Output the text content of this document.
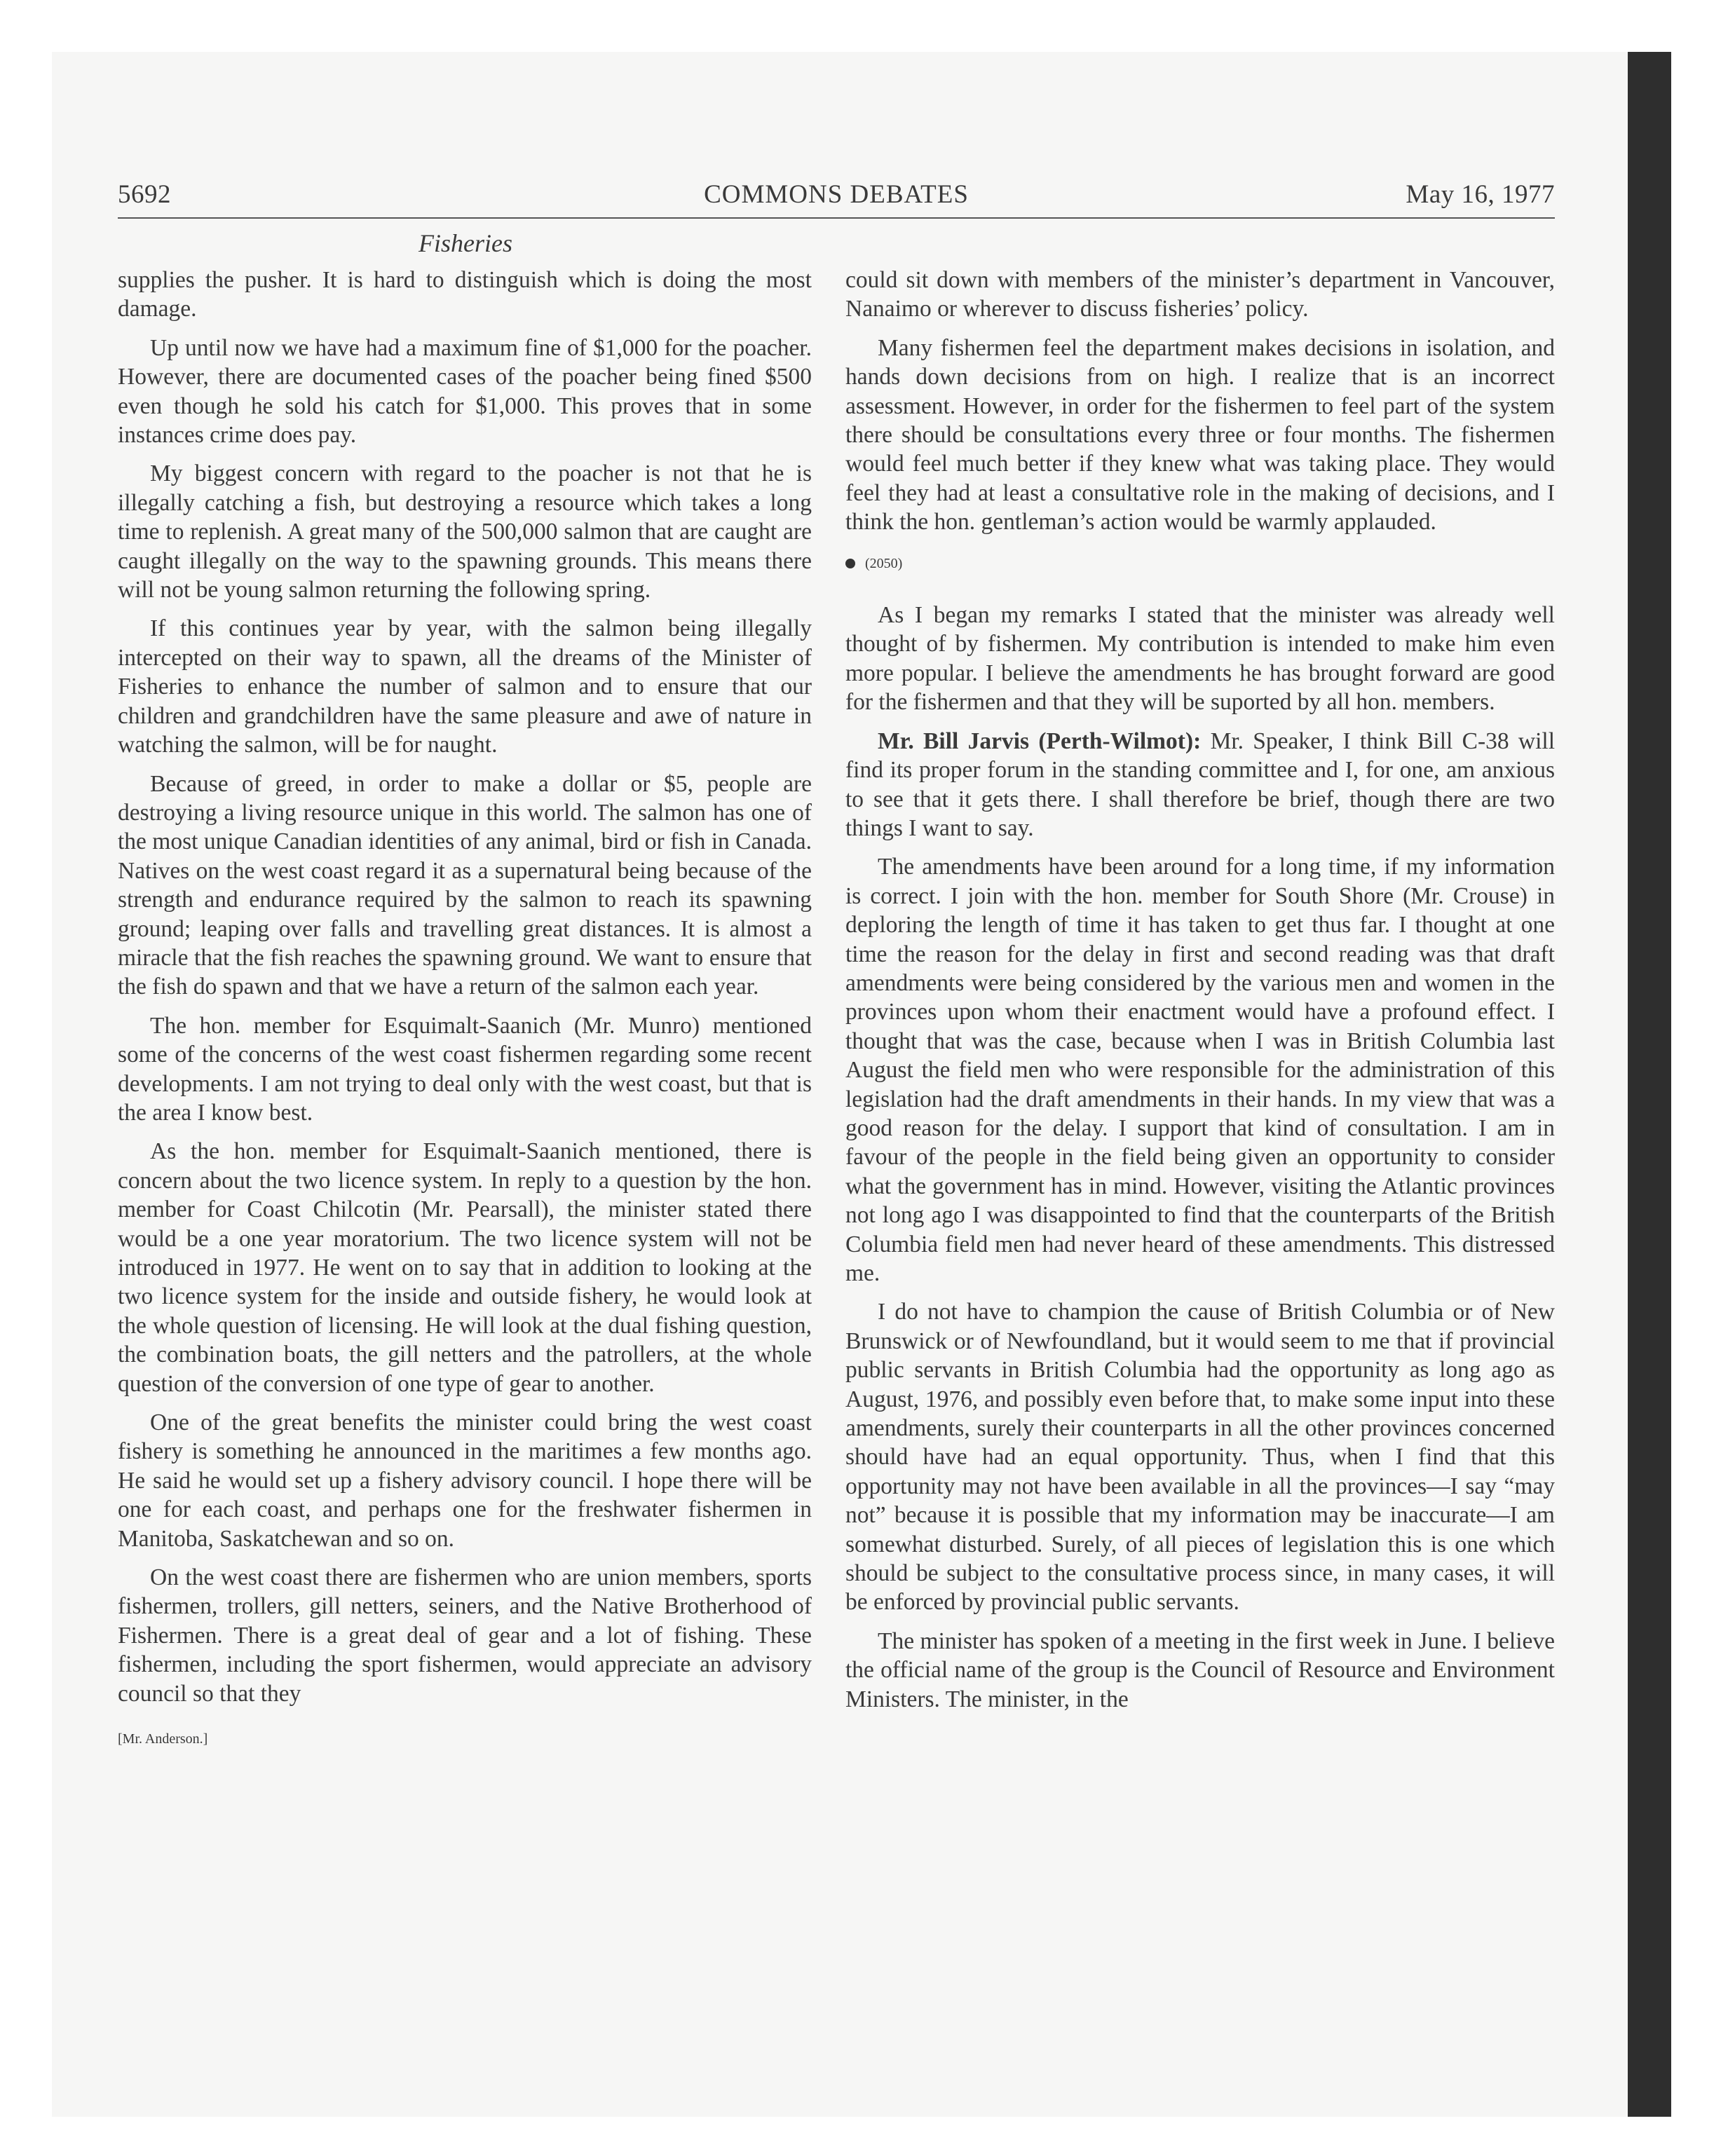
5692	COMMONS DEBATES	May 16, 1977
Fisheries

supplies the pusher. It is hard to distinguish which is doing the most damage.

Up until now we have had a maximum fine of $1,000 for the poacher. However, there are documented cases of the poacher being fined $500 even though he sold his catch for $1,000. This proves that in some instances crime does pay.

My biggest concern with regard to the poacher is not that he is illegally catching a fish, but destroying a resource which takes a long time to replenish. A great many of the 500,000 salmon that are caught are caught illegally on the way to the spawning grounds. This means there will not be young salmon returning the following spring.

If this continues year by year, with the salmon being illegally intercepted on their way to spawn, all the dreams of the Minister of Fisheries to enhance the number of salmon and to ensure that our children and grandchildren have the same pleasure and awe of nature in watching the salmon, will be for naught.

Because of greed, in order to make a dollar or $5, people are destroying a living resource unique in this world. The salmon has one of the most unique Canadian identities of any animal, bird or fish in Canada. Natives on the west coast regard it as a supernatural being because of the strength and endurance required by the salmon to reach its spawning ground; leaping over falls and travelling great distances. It is almost a miracle that the fish reaches the spawning ground. We want to ensure that the fish do spawn and that we have a return of the salmon each year.

The hon. member for Esquimalt-Saanich (Mr. Munro) mentioned some of the concerns of the west coast fishermen regarding some recent developments. I am not trying to deal only with the west coast, but that is the area I know best.

As the hon. member for Esquimalt-Saanich mentioned, there is concern about the two licence system. In reply to a question by the hon. member for Coast Chilcotin (Mr. Pearsall), the minister stated there would be a one year moratorium. The two licence system will not be introduced in 1977. He went on to say that in addition to looking at the two licence system for the inside and outside fishery, he would look at the whole question of licensing. He will look at the dual fishing question, the combination boats, the gill netters and the patrollers, at the whole question of the conversion of one type of gear to another.

One of the great benefits the minister could bring the west coast fishery is something he announced in the maritimes a few months ago. He said he would set up a fishery advisory council. I hope there will be one for each coast, and perhaps one for the freshwater fishermen in Manitoba, Saskatchewan and so on.

On the west coast there are fishermen who are union members, sports fishermen, trollers, gill netters, seiners, and the Native Brotherhood of Fishermen. There is a great deal of gear and a lot of fishing. These fishermen, including the sport fishermen, would appreciate an advisory council so that they

[Mr. Anderson.]

could sit down with members of the minister’s department in Vancouver, Nanaimo or wherever to discuss fisheries’ policy.

Many fishermen feel the department makes decisions in isolation, and hands down decisions from on high. I realize that is an incorrect assessment. However, in order for the fishermen to feel part of the system there should be consultations every three or four months. The fishermen would feel much better if they knew what was taking place. They would feel they had at least a consultative role in the making of decisions, and I think the hon. gentleman’s action would be warmly applauded.

(2050)

As I began my remarks I stated that the minister was already well thought of by fishermen. My contribution is intended to make him even more popular. I believe the amendments he has brought forward are good for the fishermen and that they will be suported by all hon. members.

Mr. Bill Jarvis (Perth-Wilmot): Mr. Speaker, I think Bill C-38 will find its proper forum in the standing committee and I, for one, am anxious to see that it gets there. I shall therefore be brief, though there are two things I want to say.

The amendments have been around for a long time, if my information is correct. I join with the hon. member for South Shore (Mr. Crouse) in deploring the length of time it has taken to get thus far. I thought at one time the reason for the delay in first and second reading was that draft amendments were being considered by the various men and women in the provinces upon whom their enactment would have a profound effect. I thought that was the case, because when I was in British Columbia last August the field men who were responsible for the administration of this legislation had the draft amendments in their hands. In my view that was a good reason for the delay. I support that kind of consultation. I am in favour of the people in the field being given an opportunity to consider what the government has in mind. However, visiting the Atlantic provinces not long ago I was disappointed to find that the counterparts of the British Columbia field men had never heard of these amendments. This distressed me.

I do not have to champion the cause of British Columbia or of New Brunswick or of Newfoundland, but it would seem to me that if provincial public servants in British Columbia had the opportunity as long ago as August, 1976, and possibly even before that, to make some input into these amendments, surely their counterparts in all the other provinces concerned should have had an equal opportunity. Thus, when I find that this opportunity may not have been available in all the provinces—I say “may not” because it is possible that my information may be inaccurate—I am somewhat disturbed. Surely, of all pieces of legislation this is one which should be subject to the consultative process since, in many cases, it will be enforced by provincial public servants.

The minister has spoken of a meeting in the first week in June. I believe the official name of the group is the Council of Resource and Environment Ministers. The minister, in the
